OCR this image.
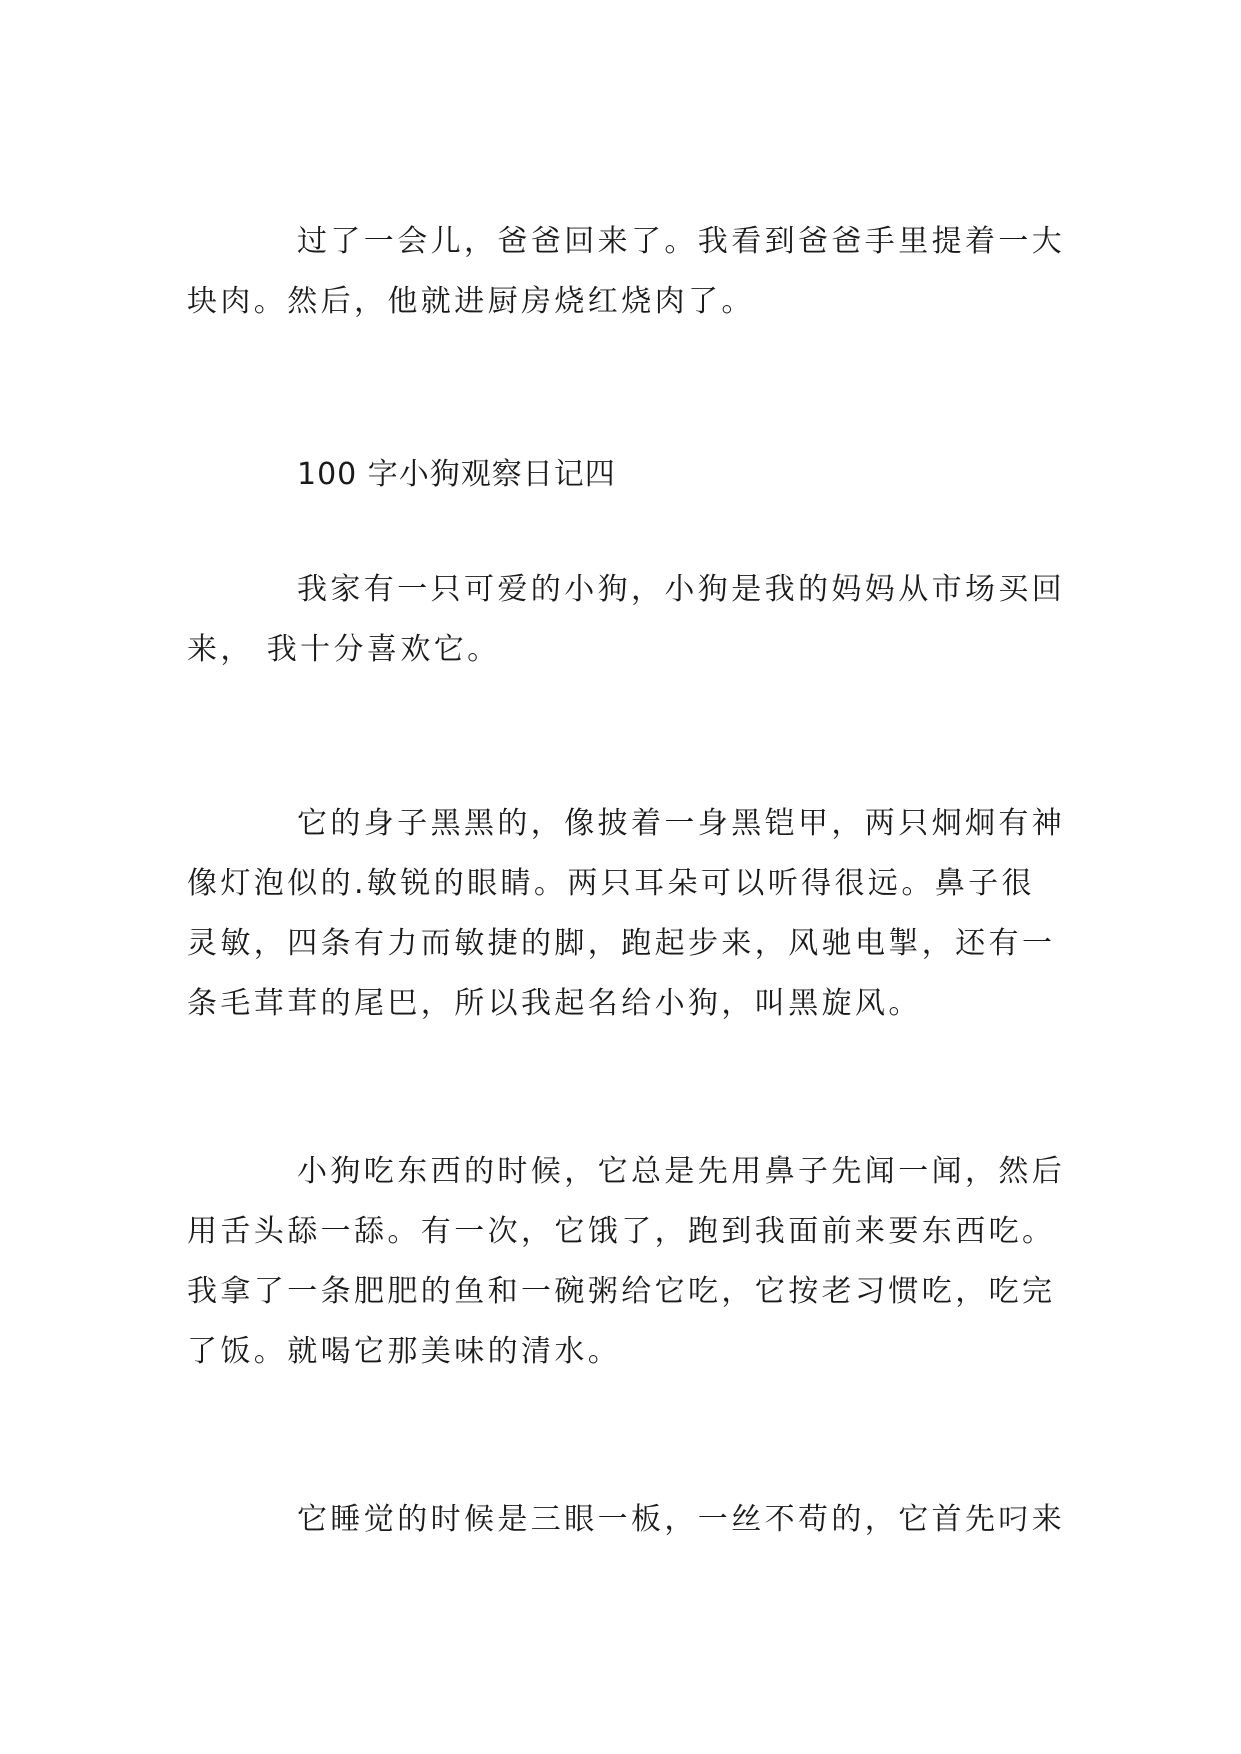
过了一会儿，爸爸回来了。我看到爸爸手里提着一大

块肉。然后，他就进厨房烧红烧肉了。

100 字小狗观察日记四

我家有一只可爱的小狗，小狗是我的妈妈从市场买回

来， 我十分喜欢它。

它的身子黑黑的，像披着一身黑铠甲，两只炯炯有神

像灯泡似的.敏锐的眼睛。两只耳朵可以听得很远。鼻子很

灵敏，四条有力而敏捷的脚，跑起步来，风驰电掣，还有一

条毛茸茸的尾巴，所以我起名给小狗，叫黑旋风。

小狗吃东西的时候，它总是先用鼻子先闻一闻，然后

用舌头舔一舔。有一次，它饿了，跑到我面前来要东西吃。

我拿了一条肥肥的鱼和一碗粥给它吃，它按老习惯吃，吃完

了饭。就喝它那美味的清水。

它睡觉的时候是三眼一板，一丝不苟的，它首先叼来
